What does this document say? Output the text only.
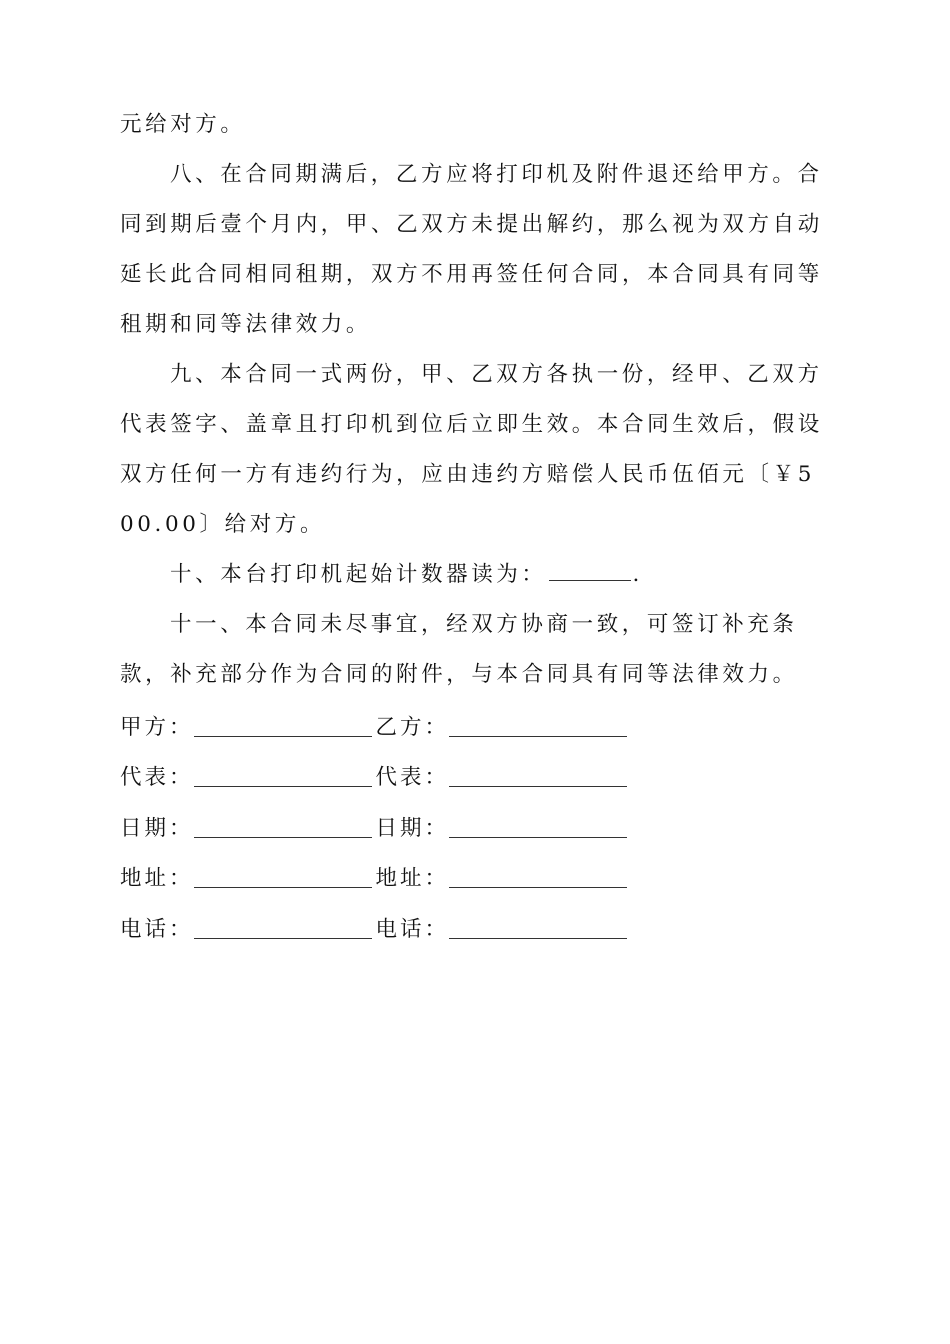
元给对方。

八、在合同期满后，乙方应将打印机及附件退还给甲方。合同到期后壹个月内，甲、乙双方未提出解约，那么视为双方自动延长此合同相同租期，双方不用再签任何合同，本合同具有同等租期和同等法律效力。

九、本合同一式两份，甲、乙双方各执一份，经甲、乙双方代表签字、盖章且打印机到位后立即生效。本合同生效后，假设双方任何一方有违约行为，应由违约方赔偿人民币伍佰元〔￥500.00〕给对方。

十、本台打印机起始计数器读为：	.

十一、本合同未尽事宜，经双方协商一致，可签订补充条款，补充部分作为合同的附件，与本合同具有同等法律效力。

甲方：	乙方：
代表：	代表：
日期：	日期：
地址：	地址：
电话：	电话：
